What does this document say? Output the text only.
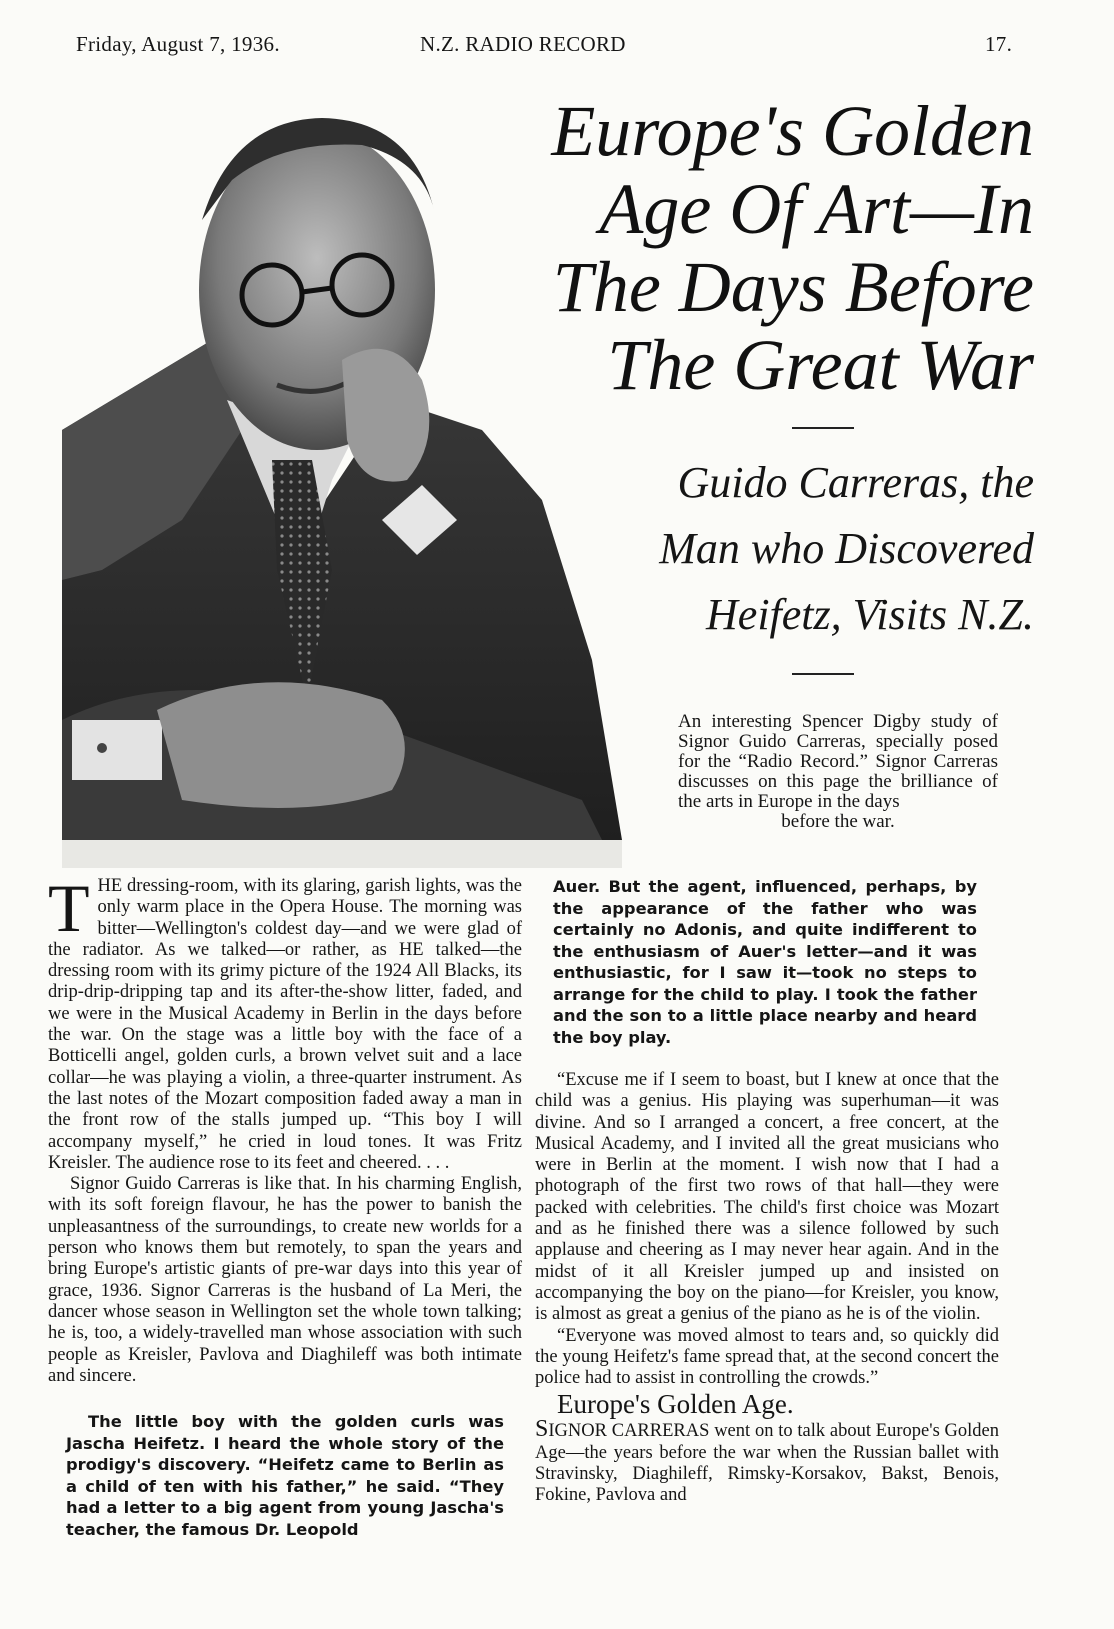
Friday, August 7, 1936.	N.Z. RADIO RECORD	17.
Europe's Golden
Age Of Art—In
The Days Before
The Great War
Guido Carreras, the
Man who Discovered
Heifetz, Visits N.Z.
An interesting Spencer Digby study of Signor Guido Carreras, specially posed for the “Radio Record.” Signor Carreras discusses on this page the brilliance of the arts in Europe in the days
before the war.

THE dressing-room, with its glaring, garish lights, was the only warm place in the Opera House. The morning was bitter—Wellington's coldest day—and we were glad of the radiator. As we talked—or rather, as HE talked—the dressing room with its grimy picture of the 1924 All Blacks, its drip-drip-dripping tap and its after-the-show litter, faded, and we were in the Musical Academy in Berlin in the days before the war. On the stage was a little boy with the face of a Botticelli angel, golden curls, a brown velvet suit and a lace collar—he was playing a violin, a three-quarter instrument. As the last notes of the Mozart composition faded away a man in the front row of the stalls jumped up. “This boy I will accompany myself,” he cried in loud tones. It was Fritz Kreisler. The audience rose to its feet and cheered. . . .

Signor Guido Carreras is like that. In his charming English, with its soft foreign flavour, he has the power to banish the unpleasantness of the surroundings, to create new worlds for a person who knows them but remotely, to span the years and bring Europe's artistic giants of pre-war days into this year of grace, 1936. Signor Carreras is the husband of La Meri, the dancer whose season in Wellington set the whole town talking; he is, too, a widely-travelled man whose association with such people as Kreisler, Pavlova and Diaghileff was both intimate and sincere.

The little boy with the golden curls was Jascha Heifetz. I heard the whole story of the prodigy's discovery. “Heifetz came to Berlin as a child of ten with his father,” he said. “They had a letter to a big agent from young Jascha's teacher, the famous Dr. Leopold

Auer. But the agent, influenced, perhaps, by the appearance of the father who was certainly no Adonis, and quite indifferent to the enthusiasm of Auer's letter—and it was enthusiastic, for I saw it—took no steps to arrange for the child to play. I took the father and the son to a little place nearby and heard the boy play.

“Excuse me if I seem to boast, but I knew at once that the child was a genius. His playing was superhuman—it was divine. And so I arranged a concert, a free concert, at the Musical Academy, and I invited all the great musicians who were in Berlin at the moment. I wish now that I had a photograph of the first two rows of that hall—they were packed with celebrities. The child's first choice was Mozart and as he finished there was a silence followed by such applause and cheering as I may never hear again. And in the midst of it all Kreisler jumped up and insisted on accompanying the boy on the piano—for Kreisler, you know, is almost as great a genius of the piano as he is of the violin.

“Everyone was moved almost to tears and, so quickly did the young Heifetz's fame spread that, at the second concert the police had to assist in controlling the crowds.”

Europe's Golden Age.

SIGNOR CARRERAS went on to talk about Europe's Golden Age—the years before the war when the Russian ballet with Stravinsky, Diaghileff, Rimsky-Korsakov, Bakst, Benois, Fokine, Pavlova and
